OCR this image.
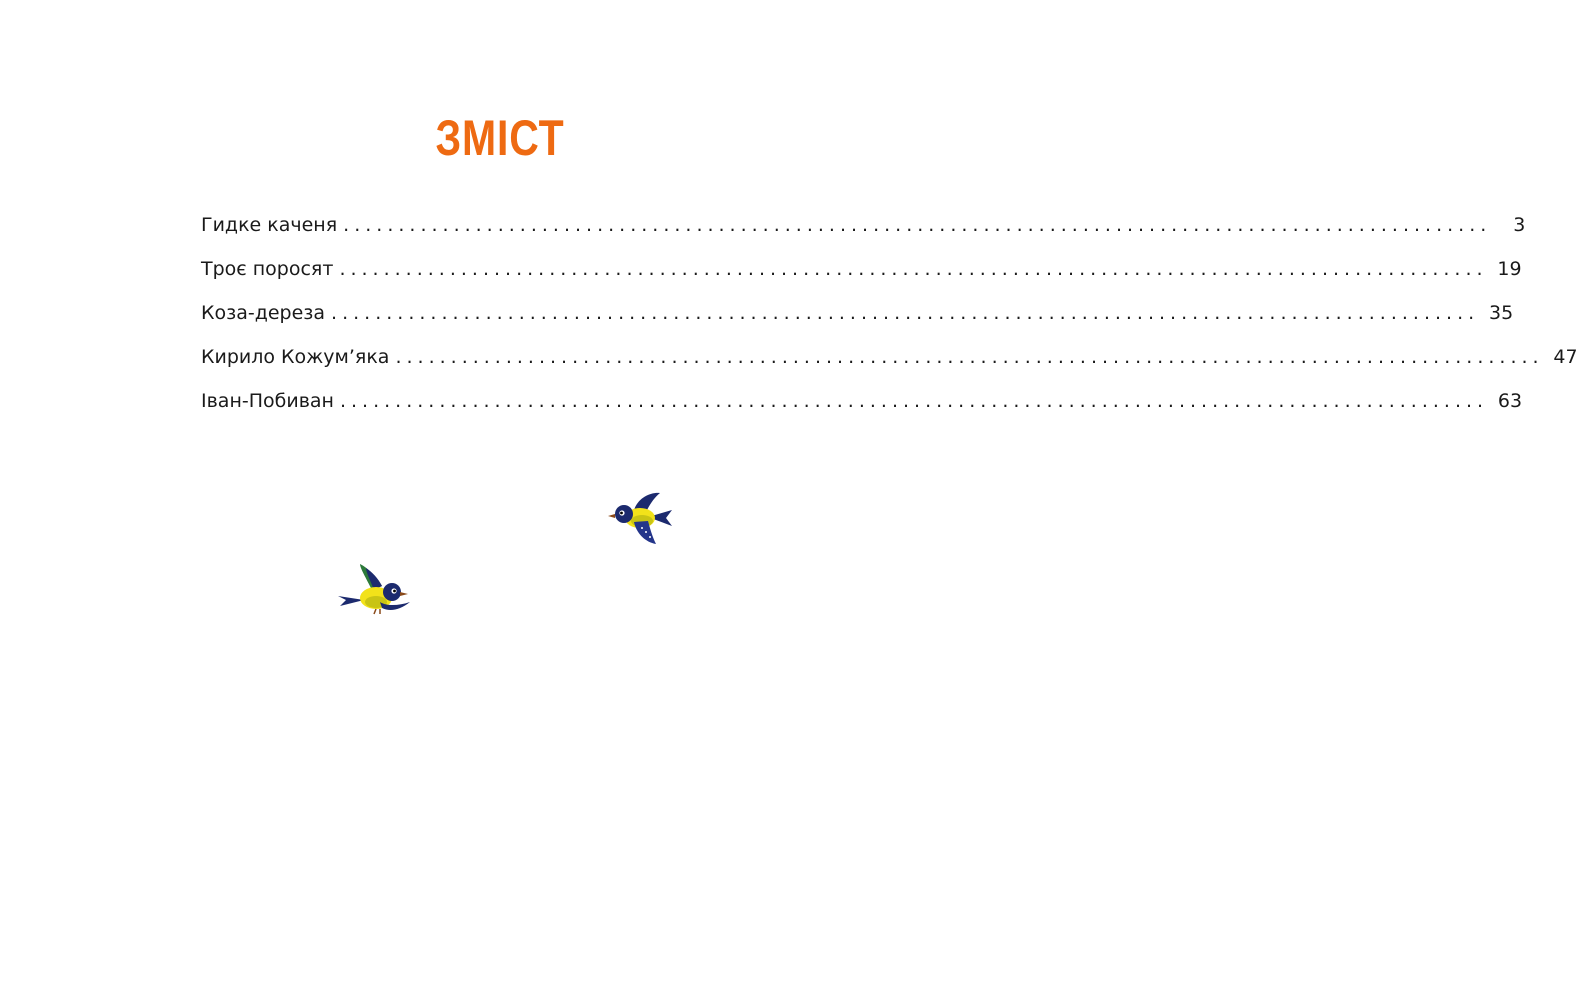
ЗМІСТ
Гидке каченя ........................................................................................................	3
Троє поросят ........................................................................................................ 19
Коза-дереза ........................................................................................................ 35
Кирило Кожум’яка ........................................................................................................ 47
Іван-Побиван ........................................................................................................ 63
